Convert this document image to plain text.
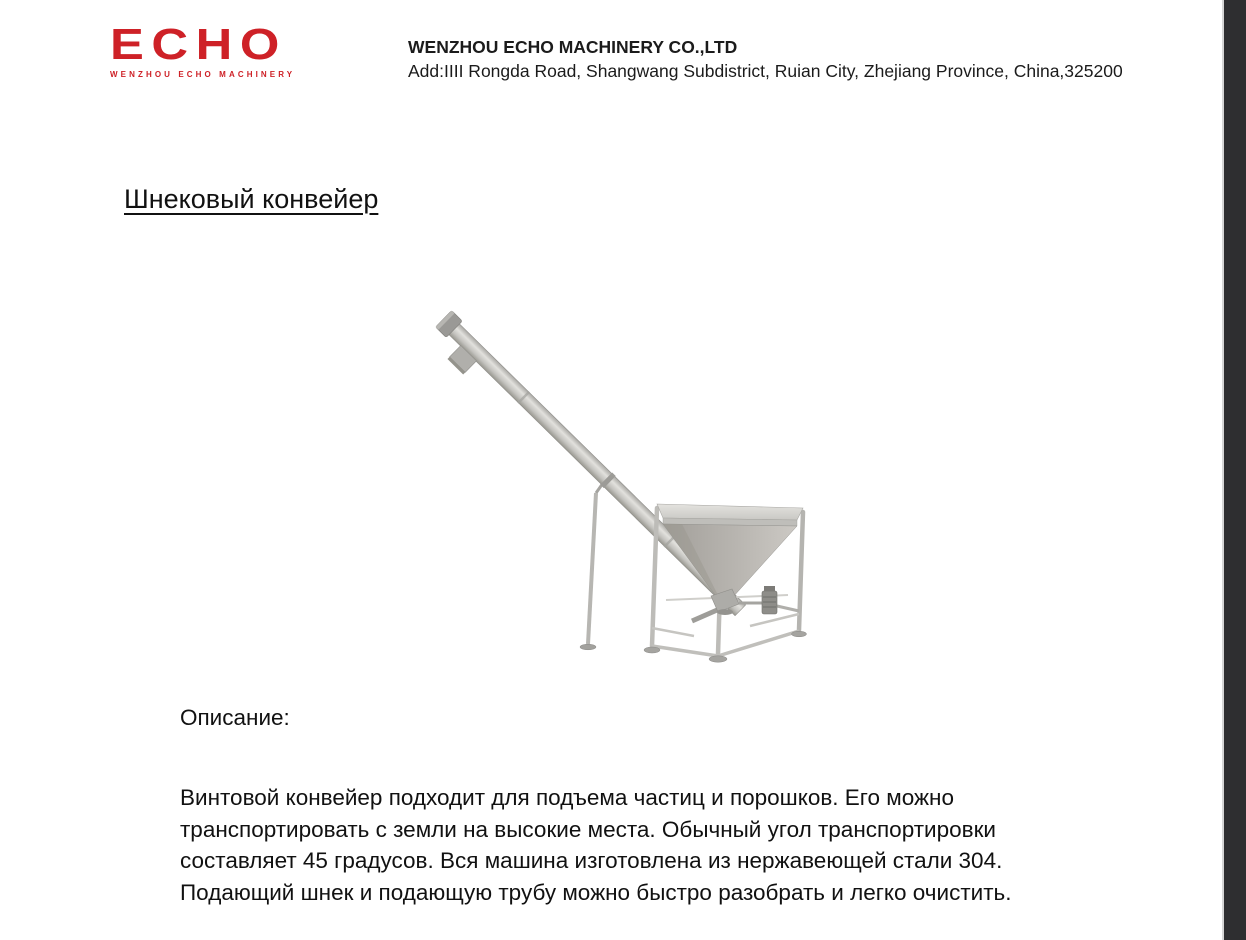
ECHO
WENZHOU ECHO MACHINERY
WENZHOU ECHO MACHINERY CO.,LTD
Add:IIII Rongda Road, Shangwang Subdistrict, Ruian City, Zhejiang Province, China,325200
Шнековый конвейер
Описание:
Винтовой конвейер подходит для подъема частиц и порошков. Его можно
транспортировать с земли на высокие места. Обычный угол транспортировки
составляет 45 градусов. Вся машина изготовлена из нержавеющей стали 304.
Подающий шнек и подающую трубу можно быстро разобрать и легко очистить.
